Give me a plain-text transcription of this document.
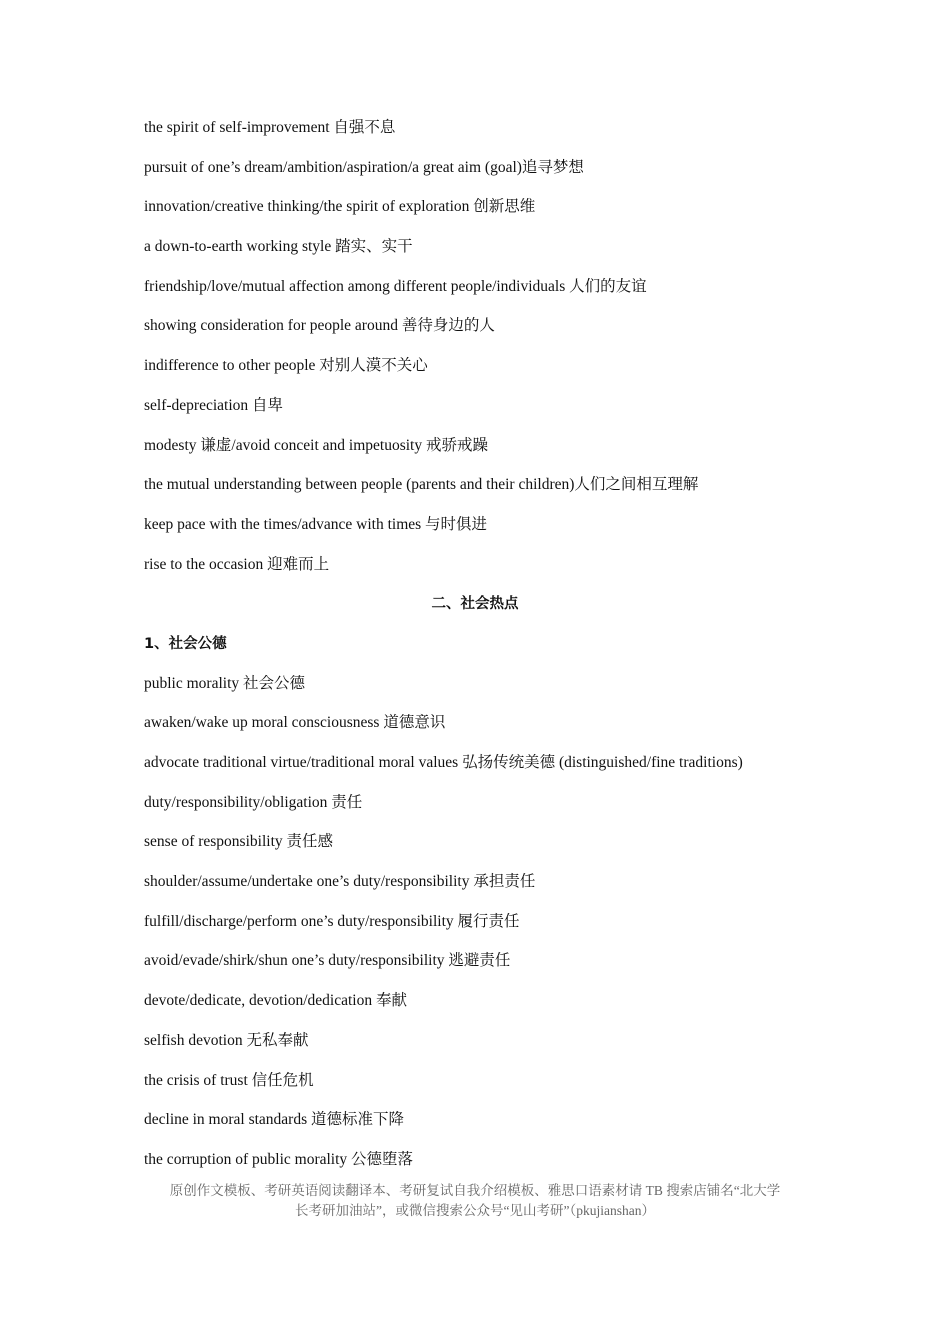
the spirit of self-improvement 自强不息
pursuit of one’s dream/ambition/aspiration/a great aim (goal)追寻梦想
innovation/creative thinking/the spirit of exploration 创新思维
a down-to-earth working style 踏实、实干
friendship/love/mutual affection among different people/individuals 人们的友谊
showing consideration for people around 善待身边的人
indifference to other people 对别人漠不关心
self-depreciation 自卑
modesty 谦虚/avoid conceit and impetuosity 戒骄戒躁
the mutual understanding between people (parents and their children)人们之间相互理解
keep pace with the times/advance with times 与时俱进
rise to the occasion 迎难而上
二、社会热点
1、社会公德
public morality 社会公德
awaken/wake up moral consciousness 道德意识
advocate traditional virtue/traditional moral values 弘扬传统美德 (distinguished/fine traditions)
duty/responsibility/obligation 责任
sense of responsibility 责任感
shoulder/assume/undertake one’s duty/responsibility 承担责任
fulfill/discharge/perform one’s duty/responsibility 履行责任
avoid/evade/shirk/shun one’s duty/responsibility 逃避责任
devote/dedicate, devotion/dedication 奉献
selfish devotion 无私奉献
the crisis of trust 信任危机
decline in moral standards 道德标准下降
the corruption of public morality 公德堕落
原创作文模板、考研英语阅读翻译本、考研复试自我介绍模板、雅思口语素材请 TB 搜索店铺名“北大学
长考研加油站”，或微信搜索公众号“见山考研”（pkujianshan）
